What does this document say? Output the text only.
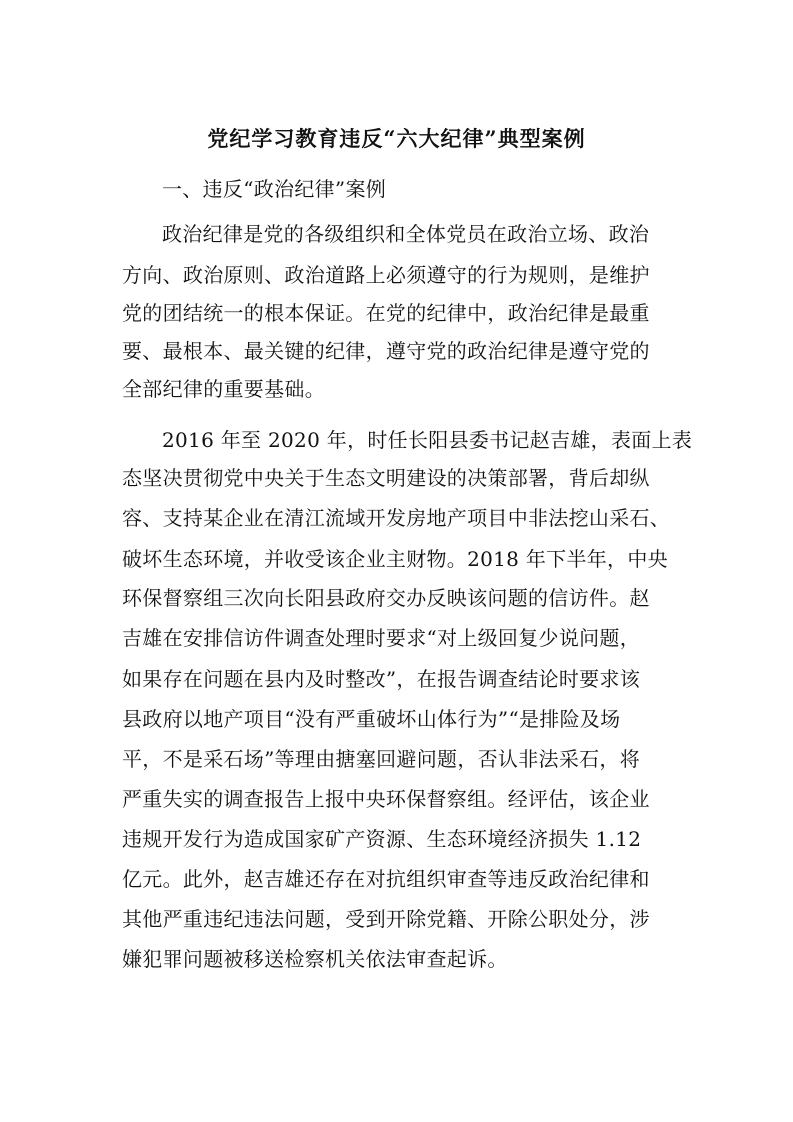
党纪学习教育违反“六大纪律”典型案例
一、违反“政治纪律”案例
政治纪律是党的各级组织和全体党员在政治立场、政治
方向、政治原则、政治道路上必须遵守的行为规则，是维护
党的团结统一的根本保证。在党的纪律中，政治纪律是最重
要、最根本、最关键的纪律，遵守党的政治纪律是遵守党的
全部纪律的重要基础。
2016 年至 2020 年，时任长阳县委书记赵吉雄，表面上表
态坚决贯彻党中央关于生态文明建设的决策部署，背后却纵
容、支持某企业在清江流域开发房地产项目中非法挖山采石、
破坏生态环境，并收受该企业主财物。2018 年下半年，中央
环保督察组三次向长阳县政府交办反映该问题的信访件。赵
吉雄在安排信访件调查处理时要求“对上级回复少说问题，
如果存在问题在县内及时整改”，在报告调查结论时要求该
县政府以地产项目“没有严重破坏山体行为”“是排险及场
平，不是采石场”等理由搪塞回避问题，否认非法采石，将
严重失实的调查报告上报中央环保督察组。经评估，该企业
违规开发行为造成国家矿产资源、生态环境经济损失 1.12
亿元。此外，赵吉雄还存在对抗组织审查等违反政治纪律和
其他严重违纪违法问题，受到开除党籍、开除公职处分，涉
嫌犯罪问题被移送检察机关依法审查起诉。
